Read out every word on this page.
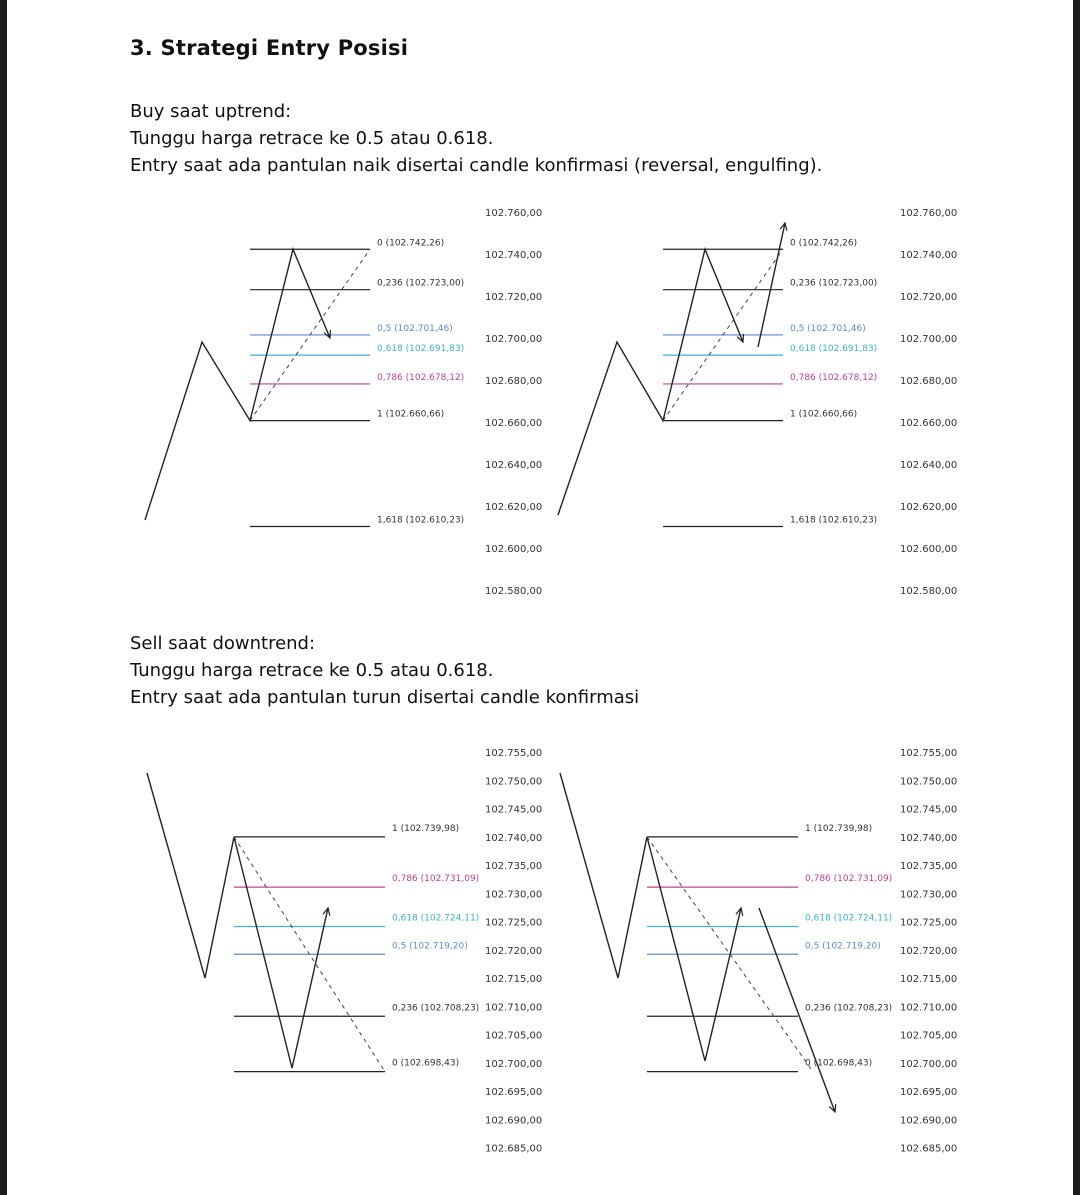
3. Strategi Entry Posisi

Buy saat uptrend:

Tunggu harga retrace ke 0.5 atau 0.618.

Entry saat ada pantulan naik disertai candle konfirmasi (reversal, engulfing).

Sell saat downtrend:

Tunggu harga retrace ke 0.5 atau 0.618.

Entry saat ada pantulan turun disertai candle konfirmasi

102.760,00
102.740,00
102.720,00
102.700,00
102.680,00
102.660,00
102.640,00
102.620,00
102.600,00
102.580,00
0 (102.742,26)
0,236 (102.723,00)
0,5 (102.701,46)
0,618 (102.691,83)
0,786 (102.678,12)
1 (102.660,66)
1,618 (102.610,23)
102.760,00
102.740,00
102.720,00
102.700,00
102.680,00
102.660,00
102.640,00
102.620,00
102.600,00
102.580,00
0 (102.742,26)
0,236 (102.723,00)
0,5 (102.701,46)
0,618 (102.691,83)
0,786 (102.678,12)
1 (102.660,66)
1,618 (102.610,23)
102.755,00
102.750,00
102.745,00
102.740,00
102.735,00
102.730,00
102.725,00
102.720,00
102.715,00
102.710,00
102.705,00
102.700,00
102.695,00
102.690,00
102.685,00
1 (102.739,98)
0,786 (102.731,09)
0,618 (102.724,11)
0,5 (102.719,20)
0,236 (102.708,23)
0 (102.698,43)
102.755,00
102.750,00
102.745,00
102.740,00
102.735,00
102.730,00
102.725,00
102.720,00
102.715,00
102.710,00
102.705,00
102.700,00
102.695,00
102.690,00
102.685,00
1 (102.739,98)
0,786 (102.731,09)
0,618 (102.724,11)
0,5 (102.719,20)
0,236 (102.708,23)
0 (102.698,43)
